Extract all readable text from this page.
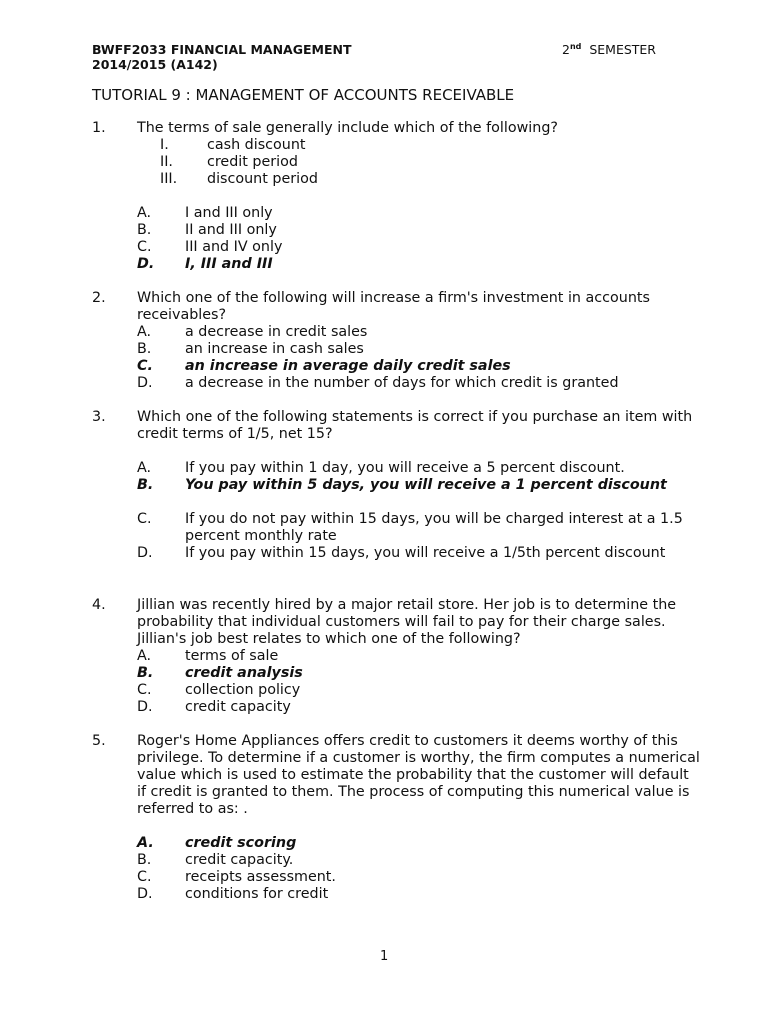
BWFF2033 FINANCIAL MANAGEMENT
2014/2015 (A142)
2nd SEMESTER
TUTORIAL 9 : MANAGEMENT OF ACCOUNTS RECEIVABLE
1. The terms of sale generally include which of the following?
I.	cash discount
II. credit period
III. discount period
A. I and III only
B. II and III only
C. III and IV only
D. I, III and III
2. Which one of the following will increase a firm's investment in accounts receivables?
A. a decrease in credit sales
B. an increase in cash sales
C. an increase in average daily credit sales
D. a decrease in the number of days for which credit is granted
3. Which one of the following statements is correct if you purchase an item with credit terms of 1/5, net 15?
A. If you pay within 1 day, you will receive a 5 percent discount.
B. You pay within 5 days, you will receive a 1 percent discount
C. If you do not pay within 15 days, you will be charged interest at a 1.5 percent monthly rate
D. If you pay within 15 days, you will receive a 1/5th percent discount
4. Jillian was recently hired by a major retail store. Her job is to determine the probability that individual customers will fail to pay for their charge sales. Jillian's job best relates to which one of the following?
A. terms of sale
B. credit analysis
C. collection policy
D. credit capacity
5. Roger's Home Appliances offers credit to customers it deems worthy of this privilege. To determine if a customer is worthy, the firm computes a numerical value which is used to estimate the probability that the customer will default if credit is granted to them. The process of computing this numerical value is referred to as: .
A. credit scoring
B. credit capacity.
C. receipts assessment.
D. conditions for credit
1
